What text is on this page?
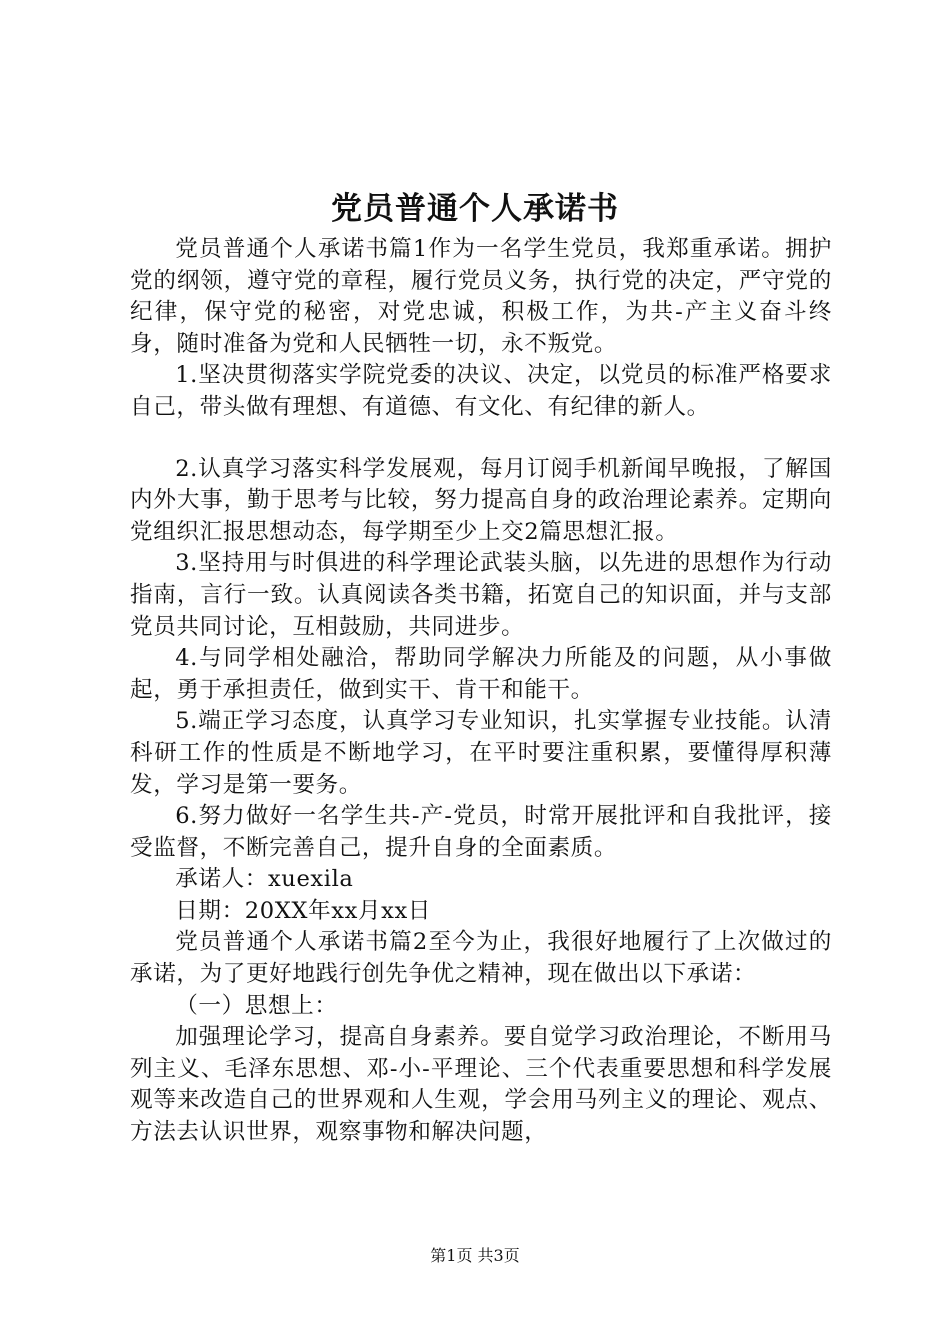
党员普通个人承诺书

党员普通个人承诺书篇1作为一名学生党员，我郑重承诺。拥护党的纲领，遵守党的章程，履行党员义务，执行党的决定，严守党的纪律，保守党的秘密，对党忠诚，积极工作，为共-产主义奋斗终身，随时准备为党和人民牺牲一切，永不叛党。

1.坚决贯彻落实学院党委的决议、决定，以党员的标准严格要求自己，带头做有理想、有道德、有文化、有纪律的新人。

2.认真学习落实科学发展观，每月订阅手机新闻早晚报，了解国内外大事，勤于思考与比较，努力提高自身的政治理论素养。定期向党组织汇报思想动态，每学期至少上交2篇思想汇报。

3.坚持用与时俱进的科学理论武装头脑，以先进的思想作为行动指南，言行一致。认真阅读各类书籍，拓宽自己的知识面，并与支部党员共同讨论，互相鼓励，共同进步。

4.与同学相处融洽，帮助同学解决力所能及的问题，从小事做起，勇于承担责任，做到实干、肯干和能干。

5.端正学习态度，认真学习专业知识，扎实掌握专业技能。认清科研工作的性质是不断地学习，在平时要注重积累，要懂得厚积薄发，学习是第一要务。

6.努力做好一名学生共-产-党员，时常开展批评和自我批评，接受监督，不断完善自己，提升自身的全面素质。

承诺人：xuexila

日期：20XX年xx月xx日

党员普通个人承诺书篇2至今为止，我很好地履行了上次做过的承诺，为了更好地践行创先争优之精神，现在做出以下承诺：

（一）思想上：

加强理论学习，提高自身素养。要自觉学习政治理论，不断用马列主义、毛泽东思想、邓-小-平理论、三个代表重要思想和科学发展观等来改造自己的世界观和人生观，学会用马列主义的理论、观点、方法去认识世界，观察事物和解决问题，

第1页 共3页
